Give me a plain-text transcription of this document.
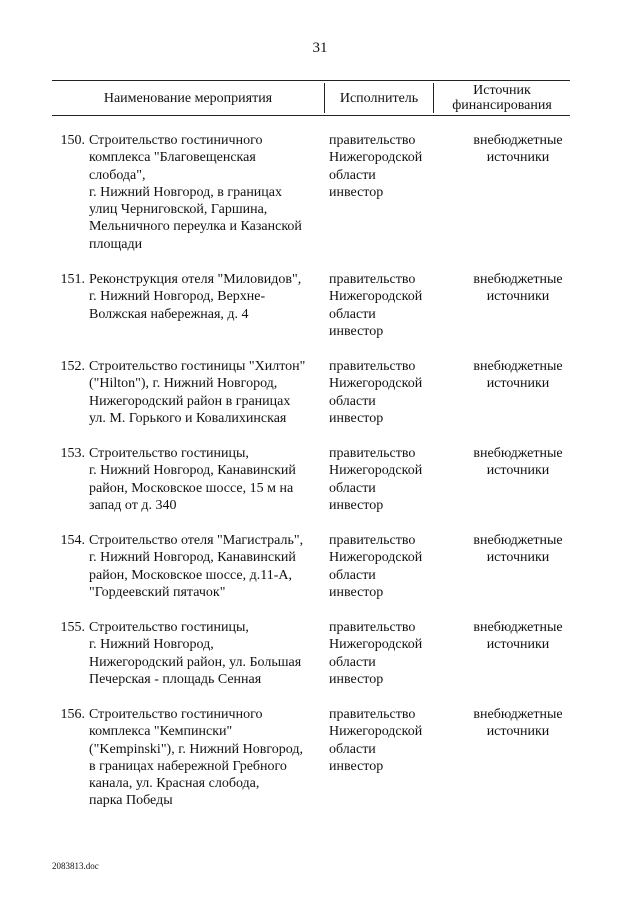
31
Наименование мероприятия	Исполнитель	Источник
финансирования
150. Строительство гостиничного
комплекса "Благовещенская
слобода",
г. Нижний Новгород, в границах
улиц Черниговской, Гаршина,
Мельничного переулка и Казанской
площади
правительство
Нижегородской
области
инвестор
внебюджетные
источники
151. Реконструкция отеля "Миловидов",
г. Нижний Новгород, Верхне-
Волжская набережная, д. 4
правительство
Нижегородской
области
инвестор
внебюджетные
источники
152. Строительство гостиницы "Хилтон"
("Hilton"), г. Нижний Новгород,
Нижегородский район в границах
ул. М. Горького и Ковалихинская
правительство
Нижегородской
области
инвестор
внебюджетные
источники
153. Строительство гостиницы,
г. Нижний Новгород, Канавинский
район, Московское шоссе, 15 м на
запад от д. 340
правительство
Нижегородской
области
инвестор
внебюджетные
источники
154. Строительство отеля "Магистраль",
г. Нижний Новгород, Канавинский
район, Московское шоссе, д.11-А,
"Гордеевский пятачок"
правительство
Нижегородской
области
инвестор
внебюджетные
источники
155. Строительство гостиницы,
г. Нижний Новгород,
Нижегородский район, ул. Большая
Печерская - площадь Сенная
правительство
Нижегородской
области
инвестор
внебюджетные
источники
156. Строительство гостиничного
комплекса "Кемпински"
("Kempinski"), г. Нижний Новгород,
в границах набережной Гребного
канала, ул. Красная слобода,
парка Победы
правительство
Нижегородской
области
инвестор
внебюджетные
источники
2083813.doc
